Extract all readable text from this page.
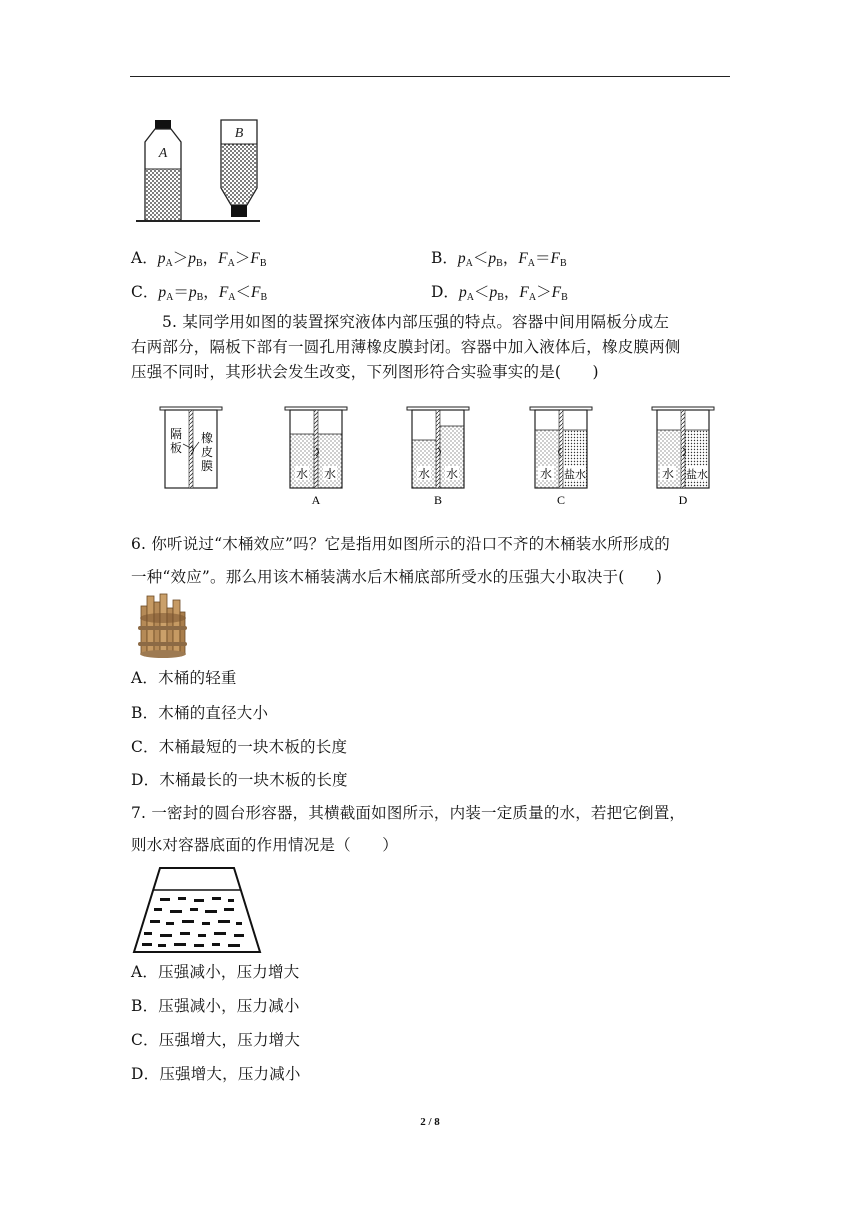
A
B
A．$p_A>p_B$，$F_A>F_B$	B．$p_A<p_B$，$F_A=F_B$
C．$p_A=p_B$，$F_A<F_B$	D．$p_A<p_B$，$F_A>F_B$
5. 某同学用如图的装置探究液体内部压强的特点。容器中间用隔板分成左
右两部分，隔板下部有一圆孔用薄橡皮膜封闭。容器中加入液体后，橡皮膜两侧
压强不同时，其形状会发生改变，下列图形符合实验事实的是(　　)
隔
板
橡
皮
膜
水 水
A
水 水
B
水 盐水
C
水 盐水
D
6. 你听说过“木桶效应”吗？它是指用如图所示的沿口不齐的木桶装水所形成的
一种“效应”。那么用该木桶装满水后木桶底部所受水的压强大小取决于(　　)
A．木桶的轻重
B．木桶的直径大小
C．木桶最短的一块木板的长度
D．木桶最长的一块木板的长度
7. 一密封的圆台形容器，其横截面如图所示，内装一定质量的水，若把它倒置，
则水对容器底面的作用情况是（　　）
A．压强减小，压力增大
B．压强减小，压力减小
C．压强增大，压力增大
D．压强增大，压力减小
2 / 8
